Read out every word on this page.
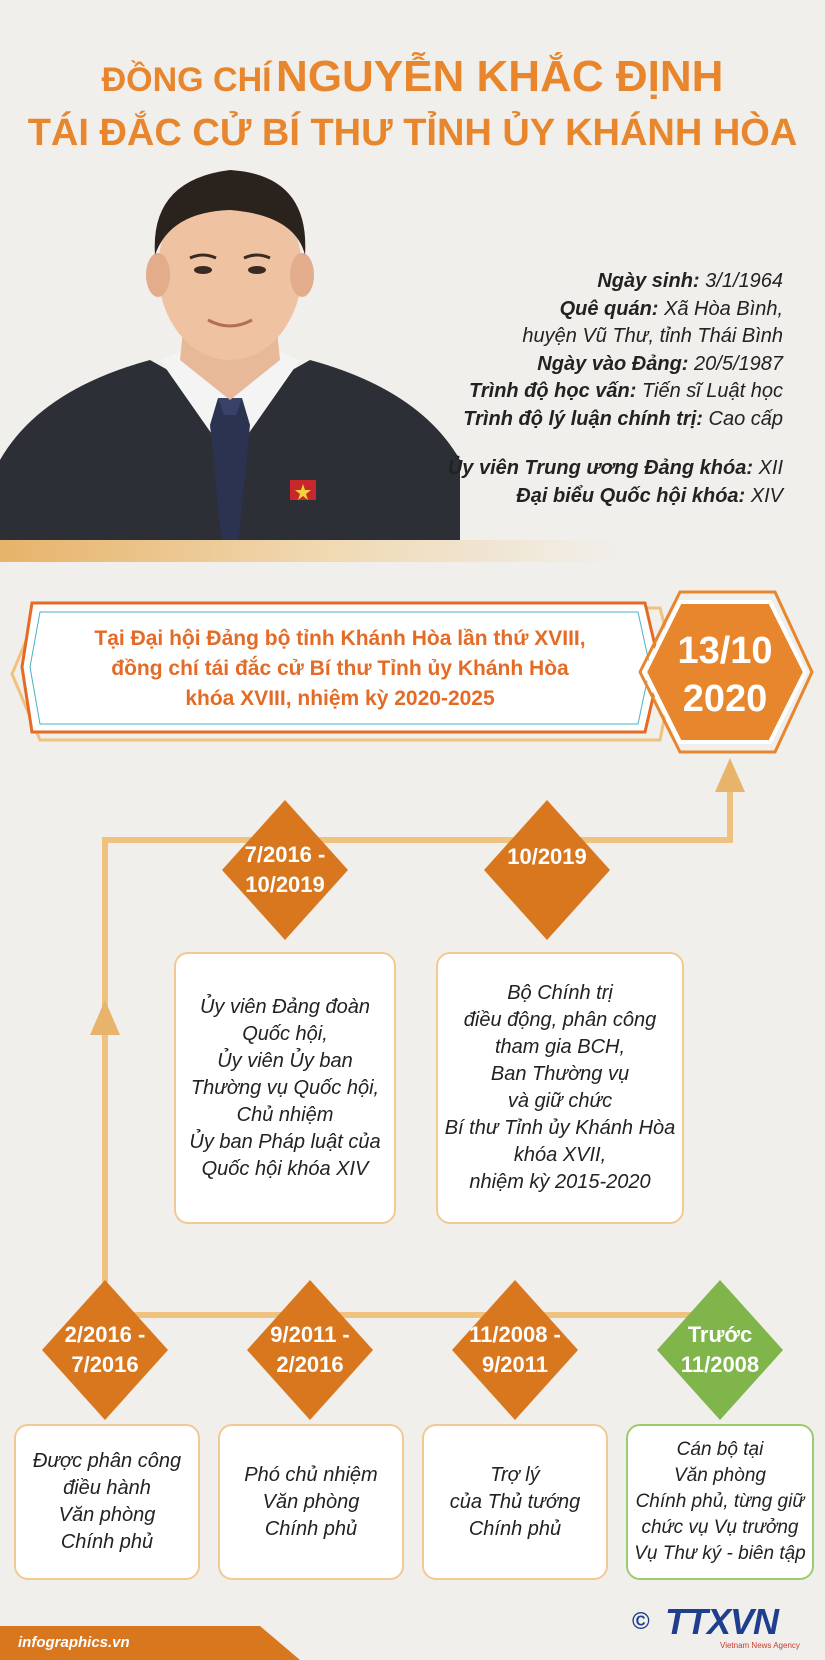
ĐỒNG CHÍ NGUYỄN KHẮC ĐỊNH
TÁI ĐẮC CỬ BÍ THƯ TỈNH ỦY KHÁNH HÒA
Ngày sinh: 3/1/1964
Quê quán: Xã Hòa Bình,
huyện Vũ Thư, tỉnh Thái Bình
Ngày vào Đảng: 20/5/1987
Trình độ học vấn: Tiến sĩ Luật học
Trình độ lý luận chính trị: Cao cấp
Ủy viên Trung ương Đảng khóa: XII
Đại biểu Quốc hội khóa: XIV
Tại Đại hội Đảng bộ tỉnh Khánh Hòa lần thứ XVIII,
đồng chí tái đắc cử Bí thư Tỉnh ủy Khánh Hòa
khóa XVIII, nhiệm kỳ 2020-2025
13/10
2020
7/2016 -
10/2019
10/2019
Ủy viên Đảng đoàn
Quốc hội,
Ủy viên Ủy ban
Thường vụ Quốc hội,
Chủ nhiệm
Ủy ban Pháp luật của
Quốc hội khóa XIV
Bộ Chính trị
điều động, phân công
tham gia BCH,
Ban Thường vụ
và giữ chức
Bí thư Tỉnh ủy Khánh Hòa
khóa XVII,
nhiệm kỳ 2015-2020
2/2016 -
7/2016
9/2011 -
2/2016
11/2008 -
9/2011
Trước
11/2008
Được phân công
điều hành
Văn phòng
Chính phủ
Phó chủ nhiệm
Văn phòng
Chính phủ
Trợ lý
của Thủ tướng
Chính phủ
Cán bộ tại
Văn phòng
Chính phủ, từng giữ
chức vụ Vụ trưởng
Vụ Thư ký - biên tập
infographics.vn
© TTXVN
Vietnam News Agency
